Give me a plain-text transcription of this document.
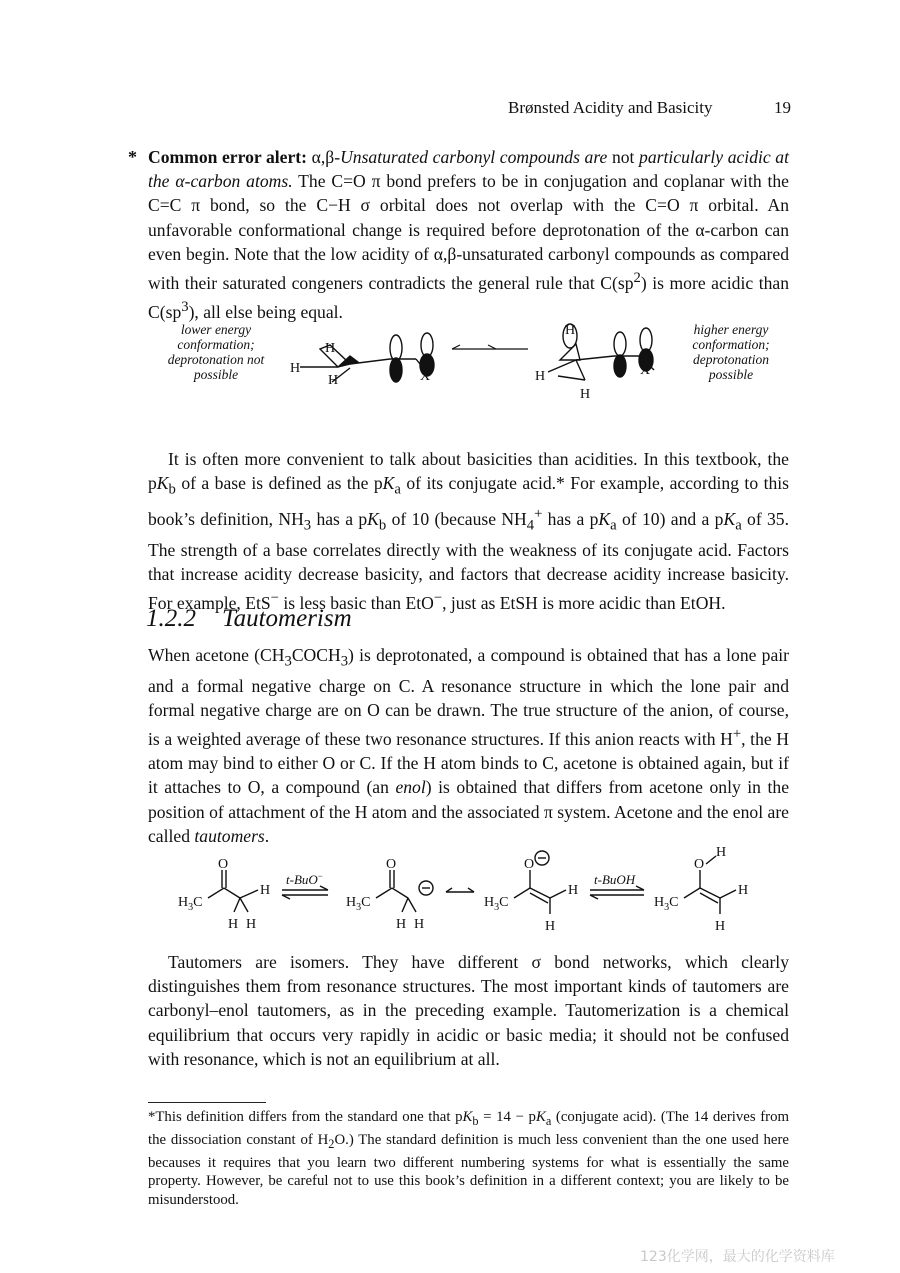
Brønsted Acidity and Basicity	19
* Common error alert: α,β-Unsaturated carbonyl compounds are not particularly acidic at the α-carbon atoms. The C=O π bond prefers to be in conjugation and coplanar with the C=C π bond, so the C−H σ orbital does not overlap with the C=O π orbital. An unfavorable conformational change is required before deprotonation of the α-carbon can even begin. Note that the low acidity of α,β-unsaturated carbonyl compounds as compared with their saturated congeners contradicts the general rule that $C(sp^2)$ is more acidic than $C(sp^3)$, all else being equal.
lower energy conformation; deprotonation not possible
higher energy conformation; deprotonation possible
H
H
H	X
H
H
H
X
It is often more convenient to talk about basicities than acidities. In this textbook, the $pK_b$ of a base is defined as the $pK_a$ of its conjugate acid.* For example, according to this book’s definition, $NH_3$ has a $pK_b$ of 10 (because $NH_4^+$ has a $pK_a$ of 10) and a $pK_a$ of 35. The strength of a base correlates directly with the weakness of its conjugate acid. Factors that increase acidity decrease basicity, and factors that decrease acidity increase basicity. For example, EtS− is less basic than EtO−, just as EtSH is more acidic than EtOH.
1.2.2 Tautomerism
When acetone $(CH_3COCH_3)$ is deprotonated, a compound is obtained that has a lone pair and a formal negative charge on C. A resonance structure in which the lone pair and formal negative charge are on O can be drawn. The true structure of the anion, of course, is a weighted average of these two resonance structures. If this anion reacts with H+, the H atom may bind to either O or C. If the H atom binds to C, acetone is obtained again, but if it attaches to O, a compound (an enol) is obtained that differs from acetone only in the position of attachment of the H atom and the associated π system. Acetone and the enol are called tautomers.
O
$H_3C$
H
H H
t-BuO−
O
$H_3C$
H H
O
$H_3C$
H
H
t-BuOH
O
H
$H_3C$
H
H
Tautomers are isomers. They have different σ bond networks, which clearly distinguishes them from resonance structures. The most important kinds of tautomers are carbonyl–enol tautomers, as in the preceding example. Tautomerization is a chemical equilibrium that occurs very rapidly in acidic or basic media; it should not be confused with resonance, which is not an equilibrium at all.
*This definition differs from the standard one that $pK_b = 14 - pK_a$ (conjugate acid). (The 14 derives from the dissociation constant of $H_2O$.) The standard definition is much less convenient than the one used here becauses it requires that you learn two different numbering systems for what is essentially the same property. However, be careful not to use this book’s definition in a different context; you are likely to be misunderstood.
123化学网，最大的化学资料库
